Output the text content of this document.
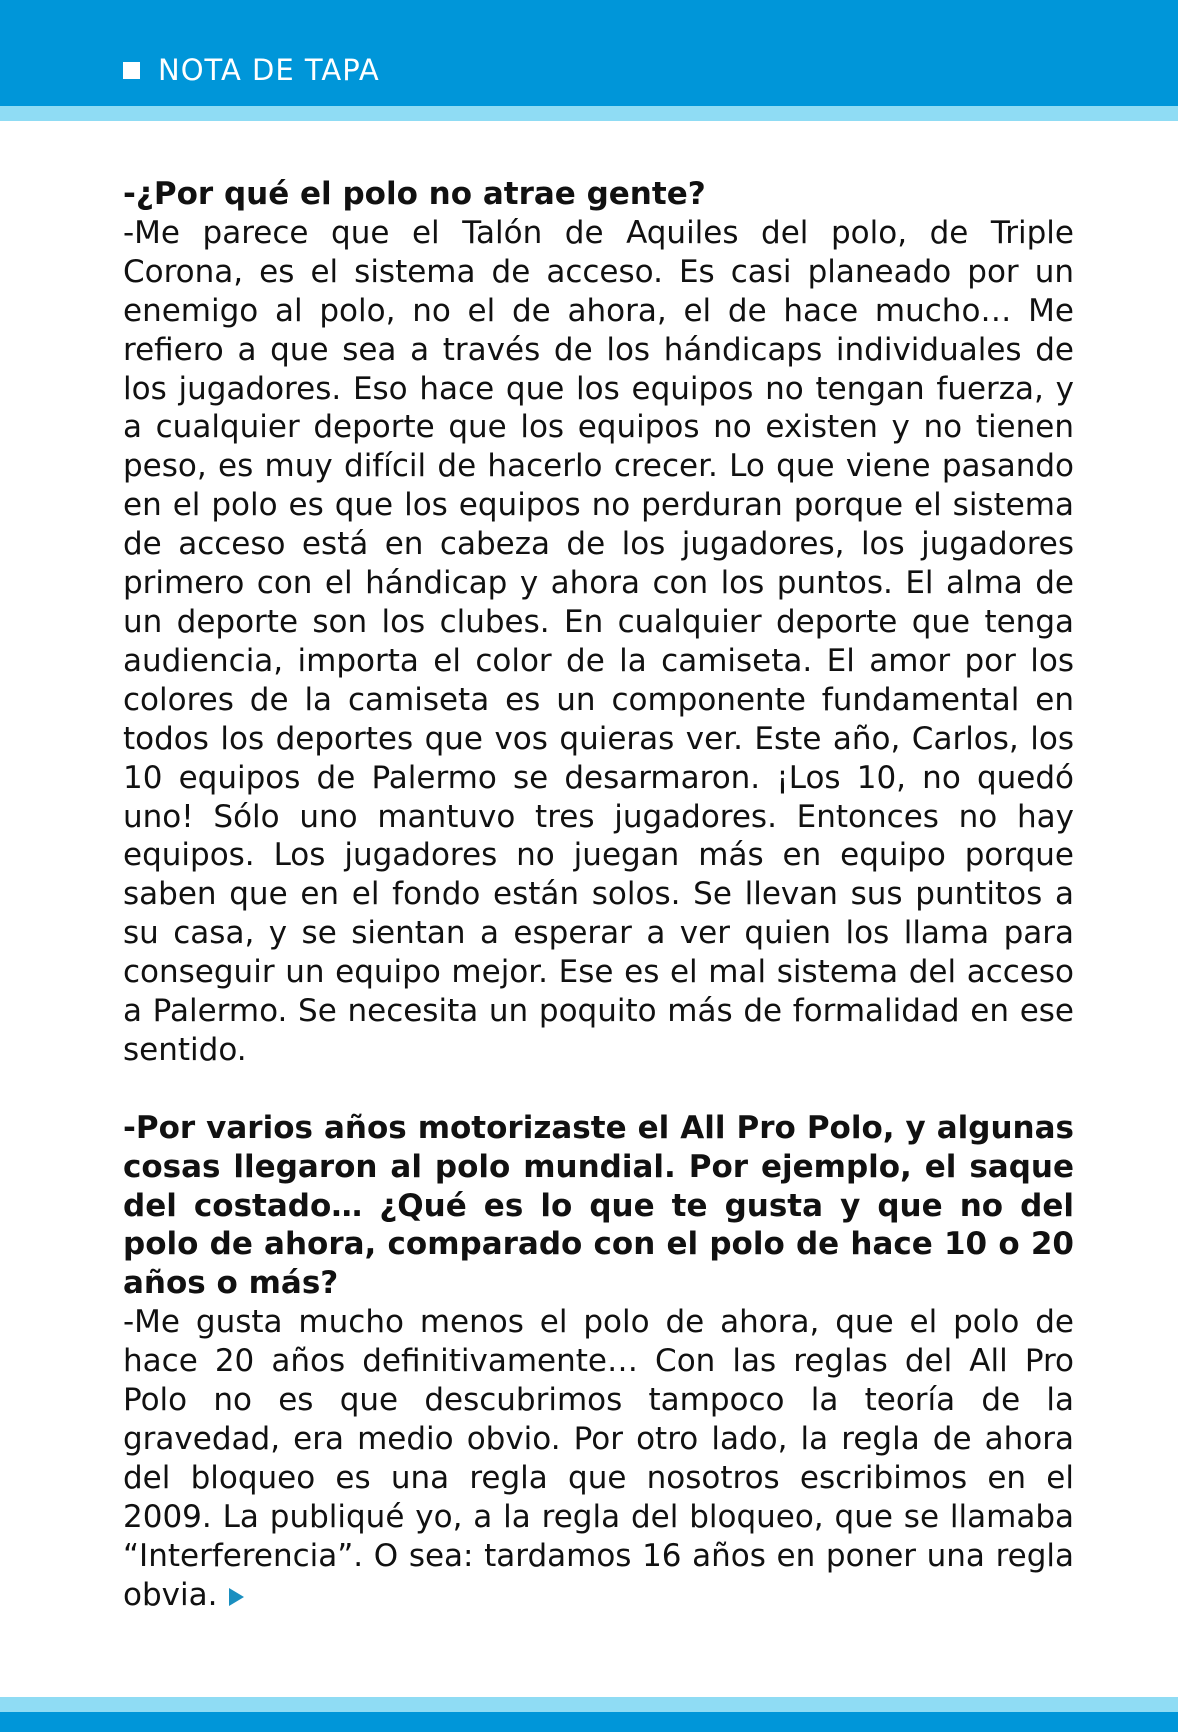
NOTA DE TAPA

-¿Por qué el polo no atrae gente?

-Me parece que el Talón de Aquiles del polo, de Triple Corona, es el sistema de acceso. Es casi planeado por un enemigo al polo, no el de ahora, el de hace mucho… Me refiero a que sea a través de los hándicaps individuales de los jugadores. Eso hace que los equipos no tengan fuerza, y a cualquier deporte que los equipos no existen y no tienen peso, es muy difícil de hacerlo crecer. Lo que viene pasando en el polo es que los equipos no perduran porque el sistema de acceso está en cabeza de los jugadores, los jugadores primero con el hándicap y ahora con los puntos. El alma de un deporte son los clubes. En cualquier deporte que tenga audiencia, importa el color de la camiseta. El amor por los colores de la camiseta es un componente fundamental en todos los deportes que vos quieras ver. Este año, Carlos, los 10 equipos de Palermo se desarmaron. ¡Los 10, no quedó uno! Sólo uno mantuvo tres jugadores. Entonces no hay equipos. Los jugadores no juegan más en equipo porque saben que en el fondo están solos. Se llevan sus puntitos a su casa, y se sientan a esperar a ver quien los llama para conseguir un equipo mejor. Ese es el mal sistema del acceso a Palermo. Se necesita un poquito más de formalidad en ese sentido.

-Por varios años motorizaste el All Pro Polo, y algunas cosas llegaron al polo mundial. Por ejemplo, el saque del costado… ¿Qué es lo que te gusta y que no del polo de ahora, comparado con el polo de hace 10 o 20 años o más?

-Me gusta mucho menos el polo de ahora, que el polo de hace 20 años definitivamente… Con las reglas del All Pro Polo no es que descubrimos tampoco la teoría de la gravedad, era medio obvio. Por otro lado, la regla de ahora del bloqueo es una regla que nosotros escribimos en el 2009. La publiqué yo, a la regla del bloqueo, que se llamaba “Interferencia”. O sea: tardamos 16 años en poner una regla obvia.
